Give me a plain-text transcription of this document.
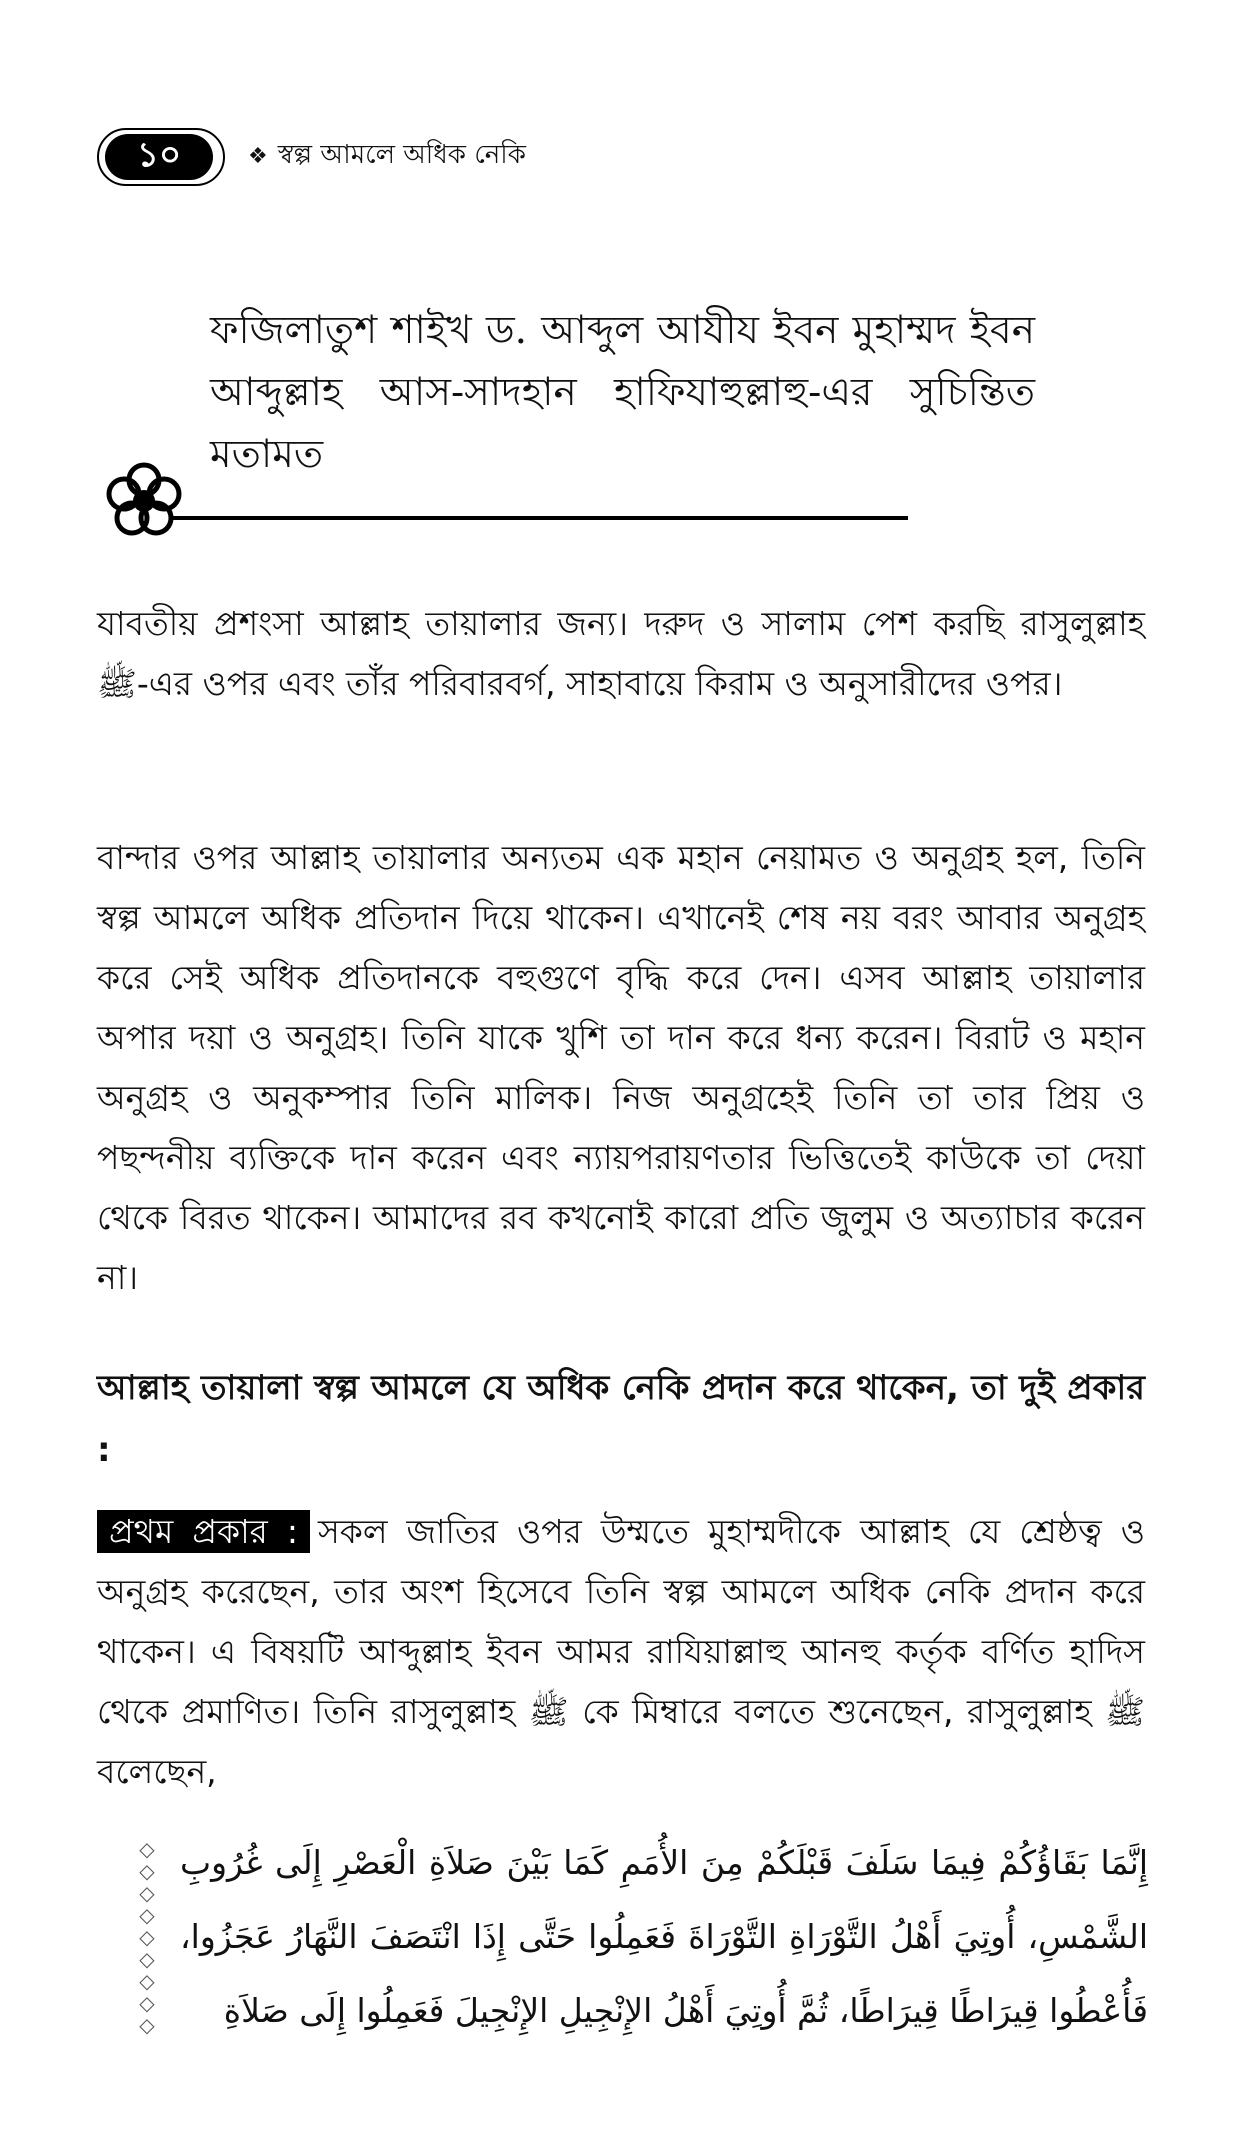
১০	❖ স্বল্প আমলে অধিক নেকি
ফজিলাতুশ শাইখ ড. আব্দুল আযীয ইবন মুহাম্মদ ইবন আব্দুল্লাহ আস-সাদহান হাফিযাহুল্লাহু-এর সুচিন্তিত মতামত

যাবতীয় প্রশংসা আল্লাহ তায়ালার জন্য। দরুদ ও সালাম পেশ করছি রাসুলুল্লাহ ﷺ-এর ওপর এবং তাঁর পরিবারবর্গ, সাহাবায়ে কিরাম ও অনুসারীদের ওপর।

বান্দার ওপর আল্লাহ তায়ালার অন্যতম এক মহান নেয়ামত ও অনুগ্রহ হল, তিনি স্বল্প আমলে অধিক প্রতিদান দিয়ে থাকেন। এখানেই শেষ নয় বরং আবার অনুগ্রহ করে সেই অধিক প্রতিদানকে বহুগুণে বৃদ্ধি করে দেন। এসব আল্লাহ তায়ালার অপার দয়া ও অনুগ্রহ। তিনি যাকে খুশি তা দান করে ধন্য করেন। বিরাট ও মহান অনুগ্রহ ও অনুকম্পার তিনি মালিক। নিজ অনুগ্রহেই তিনি তা তার প্রিয় ও পছন্দনীয় ব্যক্তিকে দান করেন এবং ন্যায়পরায়ণতার ভিত্তিতেই কাউকে তা দেয়া থেকে বিরত থাকেন। আমাদের রব কখনোই কারো প্রতি জুলুম ও অত্যাচার করেন না।

আল্লাহ তায়ালা স্বল্প আমলে যে অধিক নেকি প্রদান করে থাকেন, তা দুই প্রকার :

প্রথম প্রকার : সকল জাতির ওপর উম্মতে মুহাম্মদীকে আল্লাহ যে শ্রেষ্ঠত্ব ও অনুগ্রহ করেছেন, তার অংশ হিসেবে তিনি স্বল্প আমলে অধিক নেকি প্রদান করে থাকেন। এ বিষয়টি আব্দুল্লাহ ইবন আমর রাযিয়াল্লাহু আনহু কর্তৃক বর্ণিত হাদিস থেকে প্রমাণিত। তিনি রাসুলুল্লাহ ﷺ কে মিম্বারে বলতে শুনেছেন, রাসুলুল্লাহ ﷺ বলেছেন,

◇
◇
◇
◇
◇
◇
◇
◇
◇

إِنَّمَا بَقَاؤُكُمْ فِيمَا سَلَفَ قَبْلَكُمْ مِنَ الأُمَمِ كَمَا بَيْنَ صَلاَةِ الْعَصْرِ إِلَى غُرُوبِ الشَّمْسِ، أُوتِيَ أَهْلُ التَّوْرَاةِ التَّوْرَاةَ فَعَمِلُوا حَتَّى إِذَا انْتَصَفَ النَّهَارُ عَجَزُوا، فَأُعْطُوا قِيرَاطًا قِيرَاطًا، ثُمَّ أُوتِيَ أَهْلُ الإِنْجِيلِ الإِنْجِيلَ فَعَمِلُوا إِلَى صَلاَةِ
